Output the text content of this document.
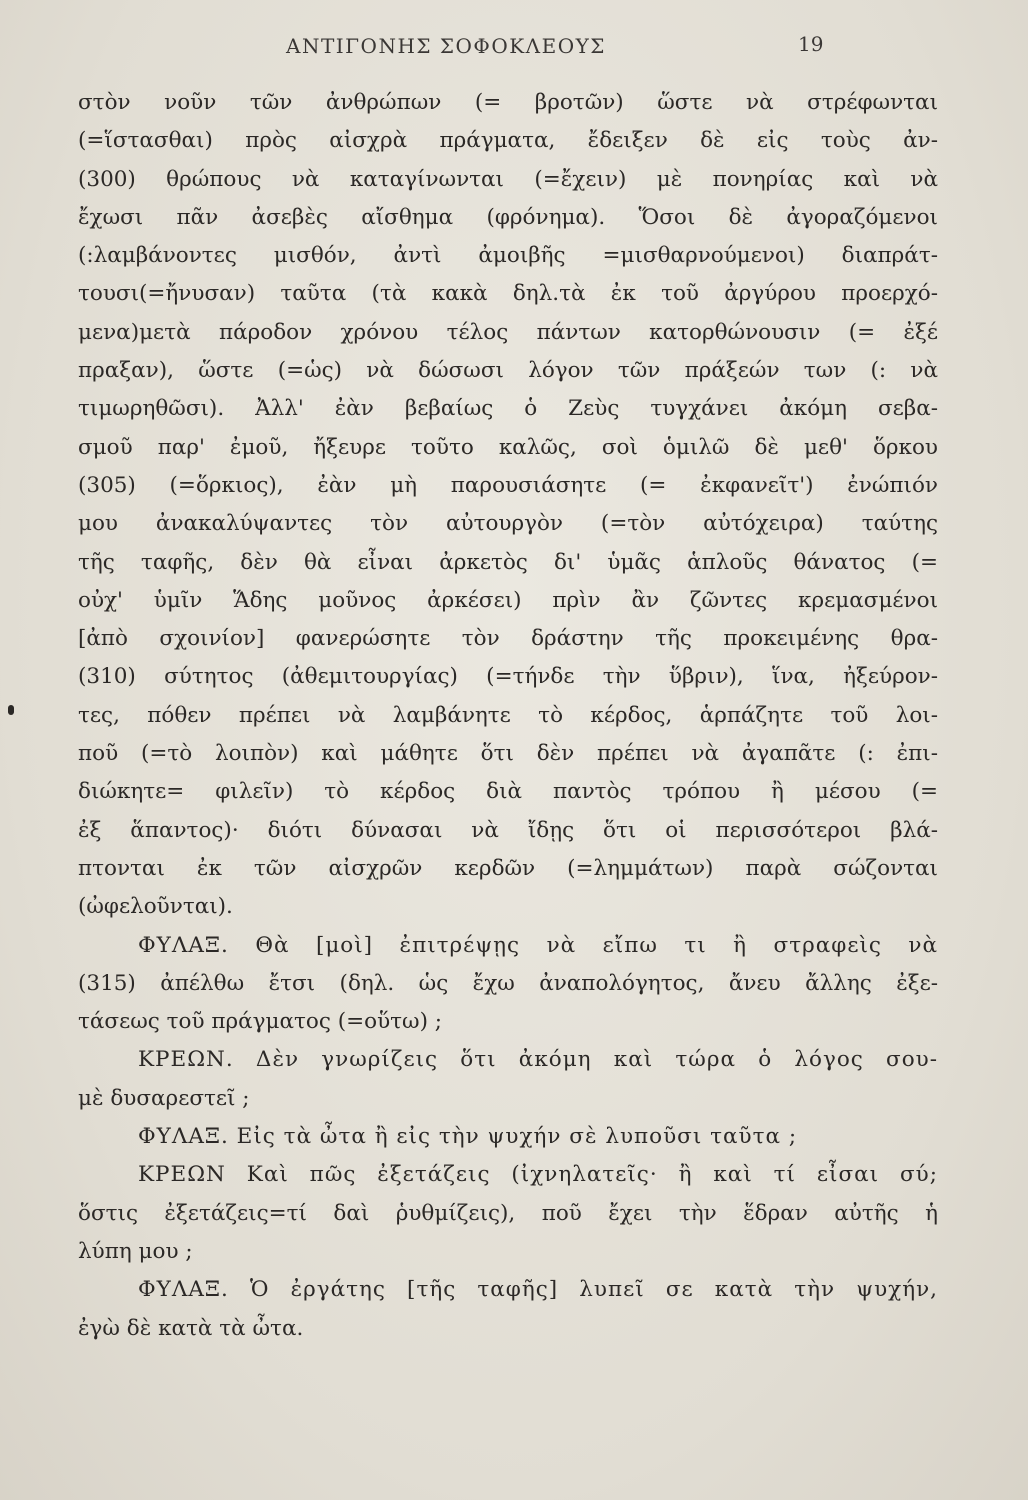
ΑΝΤΙΓΟΝΗΣ ΣΟΦΟΚΛΕΟΥΣ	19
στὸν νοῦν τῶν ἀνθρώπων (= βροτῶν) ὥστε νὰ στρέφωνται
(=ἵστασθαι) πρὸς αἰσχρὰ πράγματα, ἔδειξεν δὲ εἰς τοὺς ἀν-
(300) θρώπους νὰ καταγίνωνται (=ἔχειν) μὲ πονηρίας καὶ νὰ
ἔχωσι πᾶν ἀσεβὲς αἴσθημα (φρόνημα). Ὅσοι δὲ ἀγοραζόμενοι
(:λαμβάνοντες μισθόν, ἀντὶ ἀμοιβῆς =μισθαρνούμενοι) διαπράτ-
τουσι(=ἤνυσαν) ταῦτα (τὰ κακὰ δηλ.τὰ ἐκ τοῦ ἀργύρου προερχό-
μενα)μετὰ πάροδον χρόνου τέλος πάντων κατορθώνουσιν (= ἐξέ
πραξαν), ὥστε (=ὡς) νὰ δώσωσι λόγον τῶν πράξεών των (: νὰ
τιμωρηθῶσι). Ἀλλ' ἐὰν βεβαίως ὁ Ζεὺς τυγχάνει ἀκόμη σεβα-
σμοῦ παρ' ἐμοῦ, ἤξευρε τοῦτο καλῶς, σοὶ ὁμιλῶ δὲ μεθ' ὅρκου
(305) (=ὅρκιος), ἐὰν μὴ παρουσιάσητε (= ἐκφανεῖτ') ἐνώπιόν
μου ἀνακαλύψαντες τὸν αὐτουργὸν (=τὸν αὐτόχειρα) ταύτης
τῆς ταφῆς, δὲν θὰ εἶναι ἀρκετὸς δι' ὑμᾶς ἁπλοῦς θάνατος (=
οὐχ' ὑμῖν Ἅδης μοῦνος ἀρκέσει) πρὶν ἂν ζῶντες κρεμασμένοι
[ἀπὸ σχοινίον] φανερώσητε τὸν δράστην τῆς προκειμένης θρα-
(310) σύτητος (ἀθεμιτουργίας) (=τήνδε τὴν ὕβριν), ἵνα, ἠξεύρον-
τες, πόθεν πρέπει νὰ λαμβάνητε τὸ κέρδος, ἁρπάζητε τοῦ λοι-
ποῦ (=τὸ λοιπὸν) καὶ μάθητε ὅτι δὲν πρέπει νὰ ἀγαπᾶτε (: ἐπι-
διώκητε= φιλεῖν) τὸ κέρδος διὰ παντὸς τρόπου ἢ μέσου (=
ἐξ ἅπαντος)· διότι δύνασαι νὰ ἴδῃς ὅτι οἱ περισσότεροι βλά-
πτονται ἐκ τῶν αἰσχρῶν κερδῶν (=λημμάτων) παρὰ σώζονται
(ὠφελοῦνται).
ΦΥΛΑΞ. Θὰ [μοὶ] ἐπιτρέψῃς νὰ εἴπω τι ἢ στραφεὶς νὰ
(315) ἀπέλθω ἔτσι (δηλ. ὡς ἔχω ἀναπολόγητος, ἄνευ ἄλλης ἐξε-
τάσεως τοῦ πράγματος (=οὕτω) ;
ΚΡΕΩΝ. Δὲν γνωρίζεις ὅτι ἀκόμη καὶ τώρα ὁ λόγος σου-
μὲ δυσαρεστεῖ ;
ΦΥΛΑΞ. Εἰς τὰ ὦτα ἢ εἰς τὴν ψυχήν σὲ λυποῦσι ταῦτα ;
ΚΡΕΩΝ Καὶ πῶς ἐξετάζεις (ἰχνηλατεῖς· ἢ καὶ τί εἶσαι σύ;
ὅστις ἐξετάζεις=τί δαὶ ῥυθμίζεις), ποῦ ἔχει τὴν ἕδραν αὐτῆς ἡ
λύπη μου ;
ΦΥΛΑΞ. Ὁ ἐργάτης [τῆς ταφῆς] λυπεῖ σε κατὰ τὴν ψυχήν,
ἐγὼ δὲ κατὰ τὰ ὦτα.
